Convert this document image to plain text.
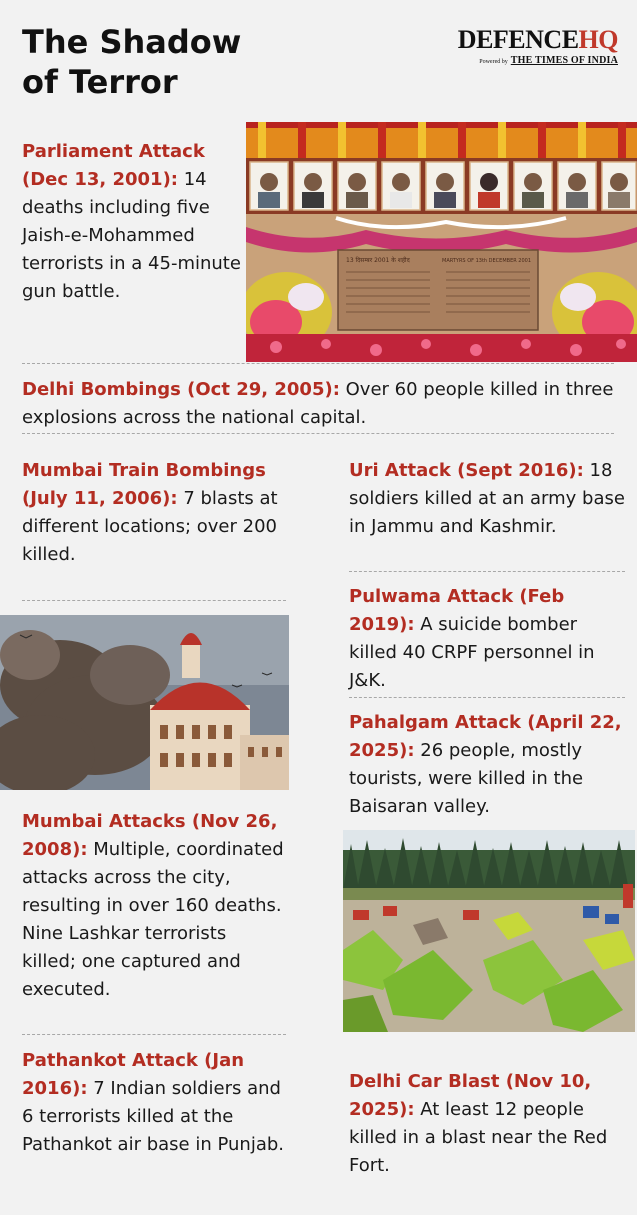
The Shadow
of Terror
DEFENCEHQ
Powered by THE TIMES OF INDIA
13 दिसम्बर 2001 के शहीद	MARTYRS OF 13th DECEMBER 2001

Parliament Attack (Dec 13, 2001): 14 deaths including five Jaish-e-Mohammed terrorists in a 45-minute gun battle.

Delhi Bombings (Oct 29, 2005): Over 60 people killed in three explosions across the national capital.

Mumbai Train Bombings (July 11, 2006): 7 blasts at different locations; over 200 killed.

Mumbai Attacks (Nov 26, 2008): Multiple, coordinated attacks across the city, resulting in over 160 deaths. Nine Lashkar terrorists killed; one captured and executed.

Pathankot Attack (Jan 2016): 7 Indian soldiers and 6 terrorists killed at the Pathankot air base in Punjab.

Uri Attack (Sept 2016): 18 soldiers killed at an army base in Jammu and Kashmir.

Pulwama Attack (Feb 2019): A suicide bomber killed 40 CRPF personnel in J&K.

Pahalgam Attack (April 22, 2025): 26 people, mostly tourists, were killed in the Baisaran valley.

Delhi Car Blast (Nov 10, 2025): At least 12 people killed in a blast near the Red Fort.
